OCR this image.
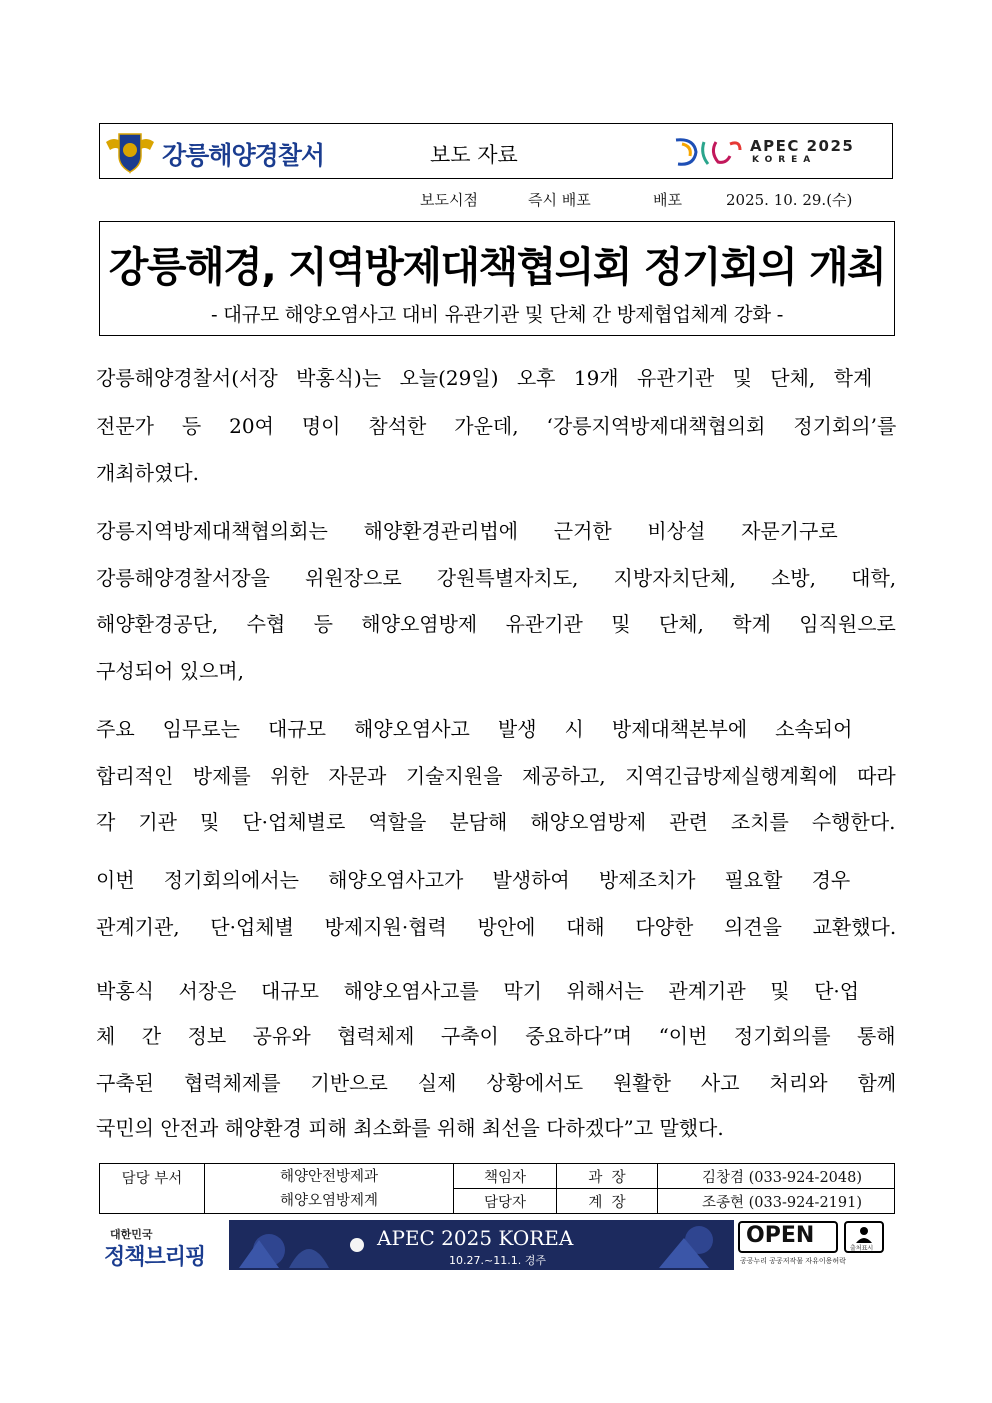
강릉해양경찰서	보도 자료	APEC 2025
KOREA
보도시점	즉시 배포	배포	2025. 10. 29.(수)
강릉해경, 지역방제대책협의회 정기회의 개최
- 대규모 해양오염사고 대비 유관기관 및 단체 간 방제협업체계 강화 -
강릉해양경찰서(서장 박홍식)는 오늘(29일) 오후 19개 유관기관 및 단체, 학계
전문가 등 20여 명이 참석한 가운데, ‘강릉지역방제대책협의회 정기회의’를
개최하였다.
강릉지역방제대책협의회는 해양환경관리법에 근거한 비상설 자문기구로
강릉해양경찰서장을 위원장으로 강원특별자치도, 지방자치단체, 소방, 대학,
해양환경공단, 수협 등 해양오염방제 유관기관 및 단체, 학계 임직원으로
구성되어 있으며,
주요 임무로는 대규모 해양오염사고 발생 시 방제대책본부에 소속되어
합리적인 방제를 위한 자문과 기술지원을 제공하고, 지역긴급방제실행계획에 따라
각 기관 및 단·업체별로 역할을 분담해 해양오염방제 관련 조치를 수행한다.
이번 정기회의에서는 해양오염사고가 발생하여 방제조치가 필요할 경우
관계기관, 단·업체별 방제지원·협력 방안에 대해 다양한 의견을 교환했다.
박홍식 서장은 대규모 해양오염사고를 막기 위해서는 관계기관 및 단·업
체 간 정보 공유와 협력체제 구축이 중요하다”며 “이번 정기회의를 통해
구축된 협력체제를 기반으로 실제 상황에서도 원활한 사고 처리와 함께
국민의 안전과 해양환경 피해 최소화를 위해 최선을 다하겠다”고 말했다.
담당 부서	해양안전방제과
해양오염방제계	책임자	과  장	김창겸 (033-924-2048)
		담당자	계  장	조종현 (033-924-2191)
대한민국
정책브리핑
APEC 2025 KOREA
10.27.~11.1. 경주
OPEN
출처표시
공공누리 공공저작물 자유이용허락
